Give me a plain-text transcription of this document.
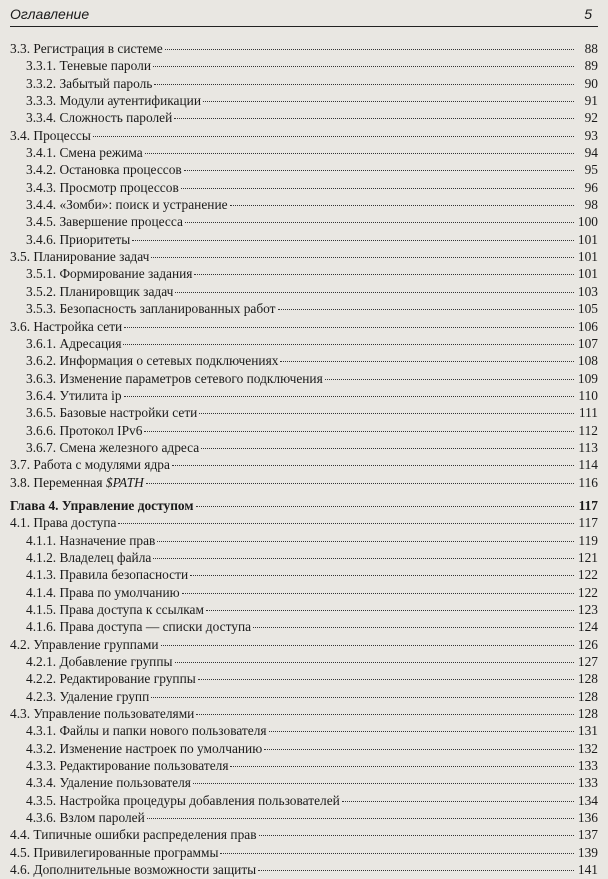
Оглавление	5
3.3. Регистрация в системе	88
3.3.1. Теневые пароли	89
3.3.2. Забытый пароль	90
3.3.3. Модули аутентификации	91
3.3.4. Сложность паролей	92
3.4. Процессы	93
3.4.1. Смена режима	94
3.4.2. Остановка процессов	95
3.4.3. Просмотр процессов	96
3.4.4. «Зомби»: поиск и устранение	98
3.4.5. Завершение процесса	100
3.4.6. Приоритеты	101
3.5. Планирование задач	101
3.5.1. Формирование задания	101
3.5.2. Планировщик задач	103
3.5.3. Безопасность запланированных работ	105
3.6. Настройка сети	106
3.6.1. Адресация	107
3.6.2. Информация о сетевых подключениях	108
3.6.3. Изменение параметров сетевого подключения	109
3.6.4. Утилита ip	110
3.6.5. Базовые настройки сети	111
3.6.6. Протокол IPv6	112
3.6.7. Смена железного адреса	113
3.7. Работа с модулями ядра	114
3.8. Переменная $PATH	116
Глава 4. Управление доступом	117
4.1. Права доступа	117
4.1.1. Назначение прав	119
4.1.2. Владелец файла	121
4.1.3. Правила безопасности	122
4.1.4. Права по умолчанию	122
4.1.5. Права доступа к ссылкам	123
4.1.6. Права доступа — списки доступа	124
4.2. Управление группами	126
4.2.1. Добавление группы	127
4.2.2. Редактирование группы	128
4.2.3. Удаление групп	128
4.3. Управление пользователями	128
4.3.1. Файлы и папки нового пользователя	131
4.3.2. Изменение настроек по умолчанию	132
4.3.3. Редактирование пользователя	133
4.3.4. Удаление пользователя	133
4.3.5. Настройка процедуры добавления пользователей	134
4.3.6. Взлом паролей	136
4.4. Типичные ошибки распределения прав	137
4.5. Привилегированные программы	139
4.6. Дополнительные возможности защиты	141
